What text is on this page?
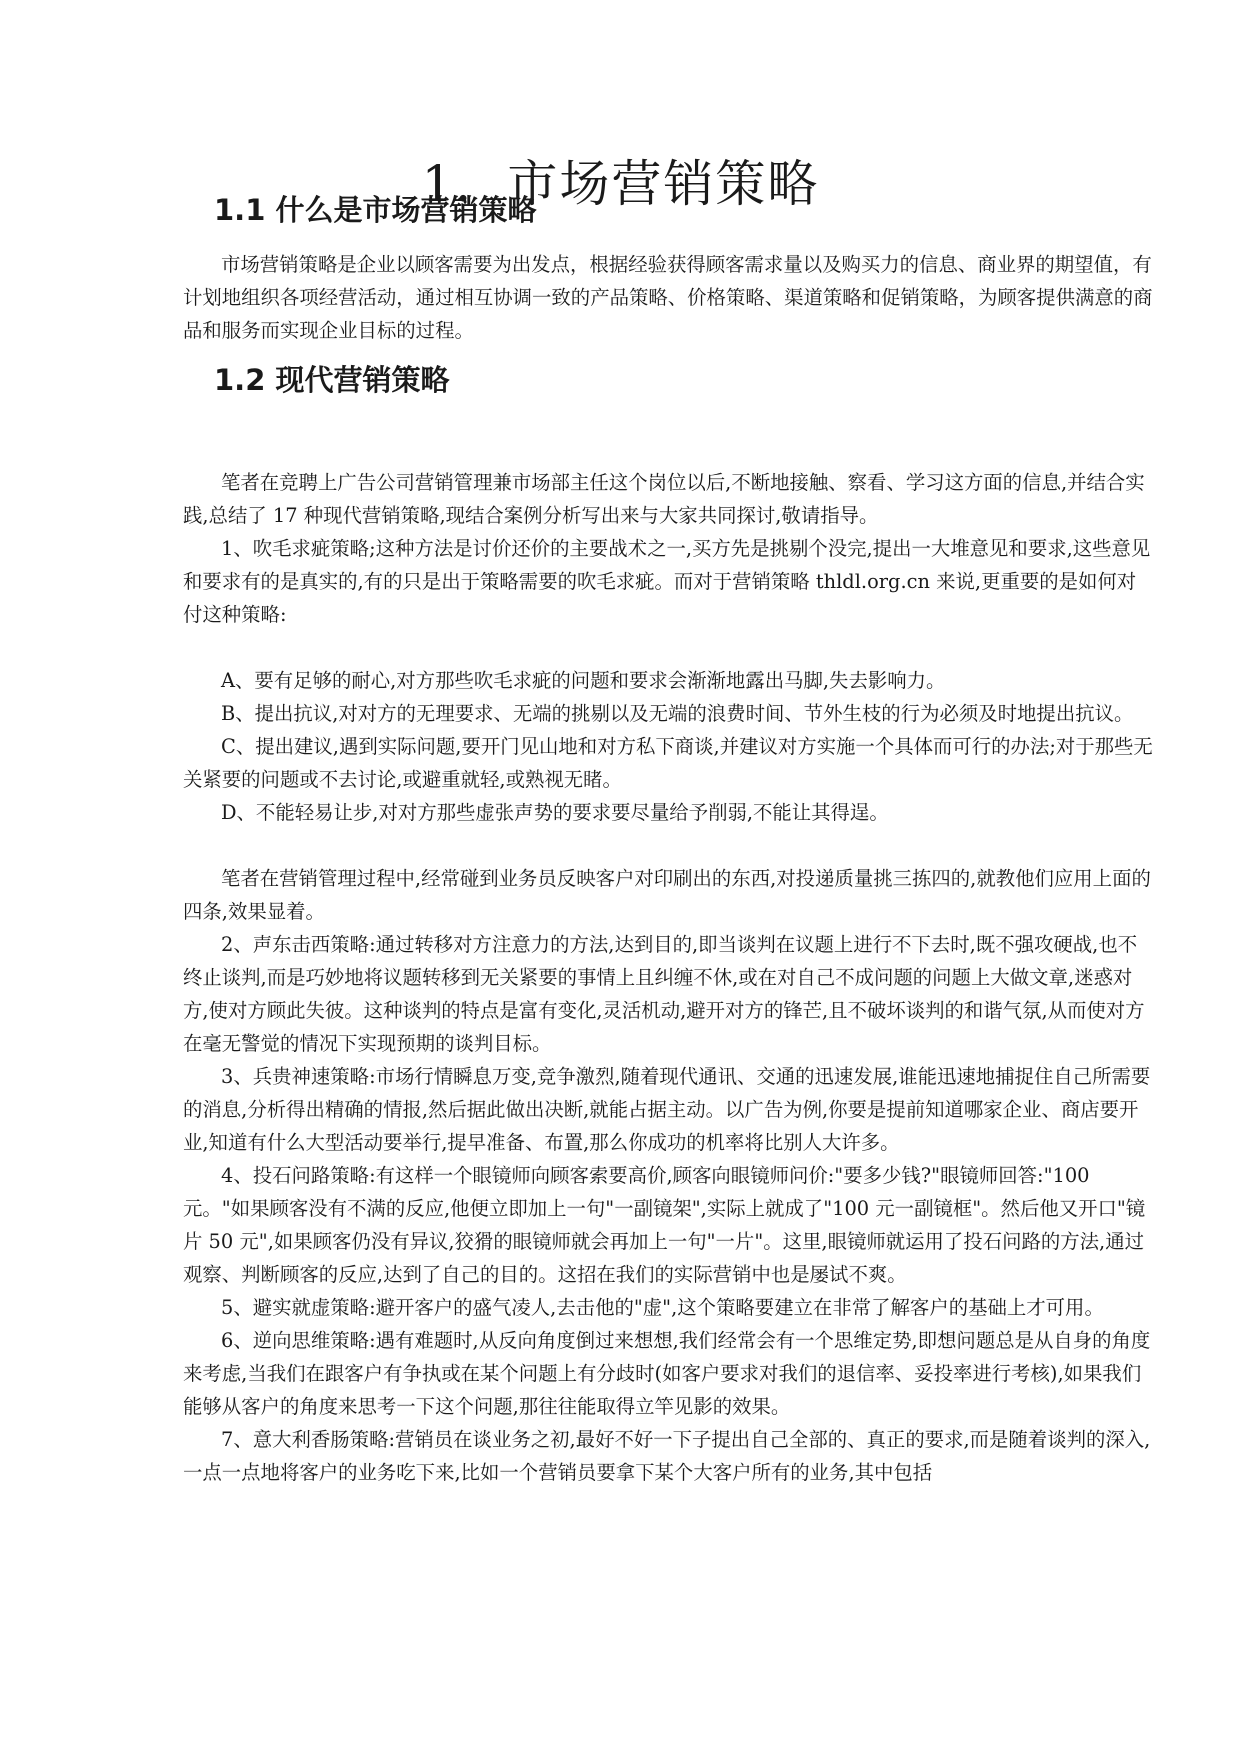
1．市场营销策略
1.1 什么是市场营销策略

市场营销策略是企业以顾客需要为出发点，根据经验获得顾客需求量以及购买力的信息、商业界的期望值，有计划地组织各项经营活动，通过相互协调一致的产品策略、价格策略、渠道策略和促销策略，为顾客提供满意的商品和服务而实现企业目标的过程。

1.2 现代营销策略

笔者在竞聘上广告公司营销管理兼市场部主任这个岗位以后,不断地接触、察看、学习这方面的信息,并结合实践,总结了 17 种现代营销策略,现结合案例分析写出来与大家共同探讨,敬请指导。

1、吹毛求疵策略;这种方法是讨价还价的主要战术之一,买方先是挑剔个没完,提出一大堆意见和要求,这些意见和要求有的是真实的,有的只是出于策略需要的吹毛求疵。而对于营销策略 thldl.org.cn 来说,更重要的是如何对付这种策略:

A、要有足够的耐心,对方那些吹毛求疵的问题和要求会渐渐地露出马脚,失去影响力。

B、提出抗议,对对方的无理要求、无端的挑剔以及无端的浪费时间、节外生枝的行为必须及时地提出抗议。

C、提出建议,遇到实际问题,要开门见山地和对方私下商谈,并建议对方实施一个具体而可行的办法;对于那些无关紧要的问题或不去讨论,或避重就轻,或熟视无睹。

D、不能轻易让步,对对方那些虚张声势的要求要尽量给予削弱,不能让其得逞。

笔者在营销管理过程中,经常碰到业务员反映客户对印刷出的东西,对投递质量挑三拣四的,就教他们应用上面的四条,效果显着。

2、声东击西策略:通过转移对方注意力的方法,达到目的,即当谈判在议题上进行不下去时,既不强攻硬战,也不终止谈判,而是巧妙地将议题转移到无关紧要的事情上且纠缠不休,或在对自己不成问题的问题上大做文章,迷惑对方,使对方顾此失彼。这种谈判的特点是富有变化,灵活机动,避开对方的锋芒,且不破坏谈判的和谐气氛,从而使对方在毫无警觉的情况下实现预期的谈判目标。

3、兵贵神速策略:市场行情瞬息万变,竞争激烈,随着现代通讯、交通的迅速发展,谁能迅速地捕捉住自己所需要的消息,分析得出精确的情报,然后据此做出决断,就能占据主动。以广告为例,你要是提前知道哪家企业、商店要开业,知道有什么大型活动要举行,提早准备、布置,那么你成功的机率将比别人大许多。

4、投石问路策略:有这样一个眼镜师向顾客索要高价,顾客向眼镜师问价:"要多少钱?"眼镜师回答:"100 元。"如果顾客没有不满的反应,他便立即加上一句"一副镜架",实际上就成了"100 元一副镜框"。然后他又开口"镜片 50 元",如果顾客仍没有异议,狡猾的眼镜师就会再加上一句"一片"。这里,眼镜师就运用了投石问路的方法,通过观察、判断顾客的反应,达到了自己的目的。这招在我们的实际营销中也是屡试不爽。

5、避实就虚策略:避开客户的盛气凌人,去击他的"虚",这个策略要建立在非常了解客户的基础上才可用。

6、逆向思维策略:遇有难题时,从反向角度倒过来想想,我们经常会有一个思维定势,即想问题总是从自身的角度来考虑,当我们在跟客户有争执或在某个问题上有分歧时(如客户要求对我们的退信率、妥投率进行考核),如果我们能够从客户的角度来思考一下这个问题,那往往能取得立竿见影的效果。

7、意大利香肠策略:营销员在谈业务之初,最好不好一下子提出自己全部的、真正的要求,而是随着谈判的深入,一点一点地将客户的业务吃下来,比如一个营销员要拿下某个大客户所有的业务,其中包括
